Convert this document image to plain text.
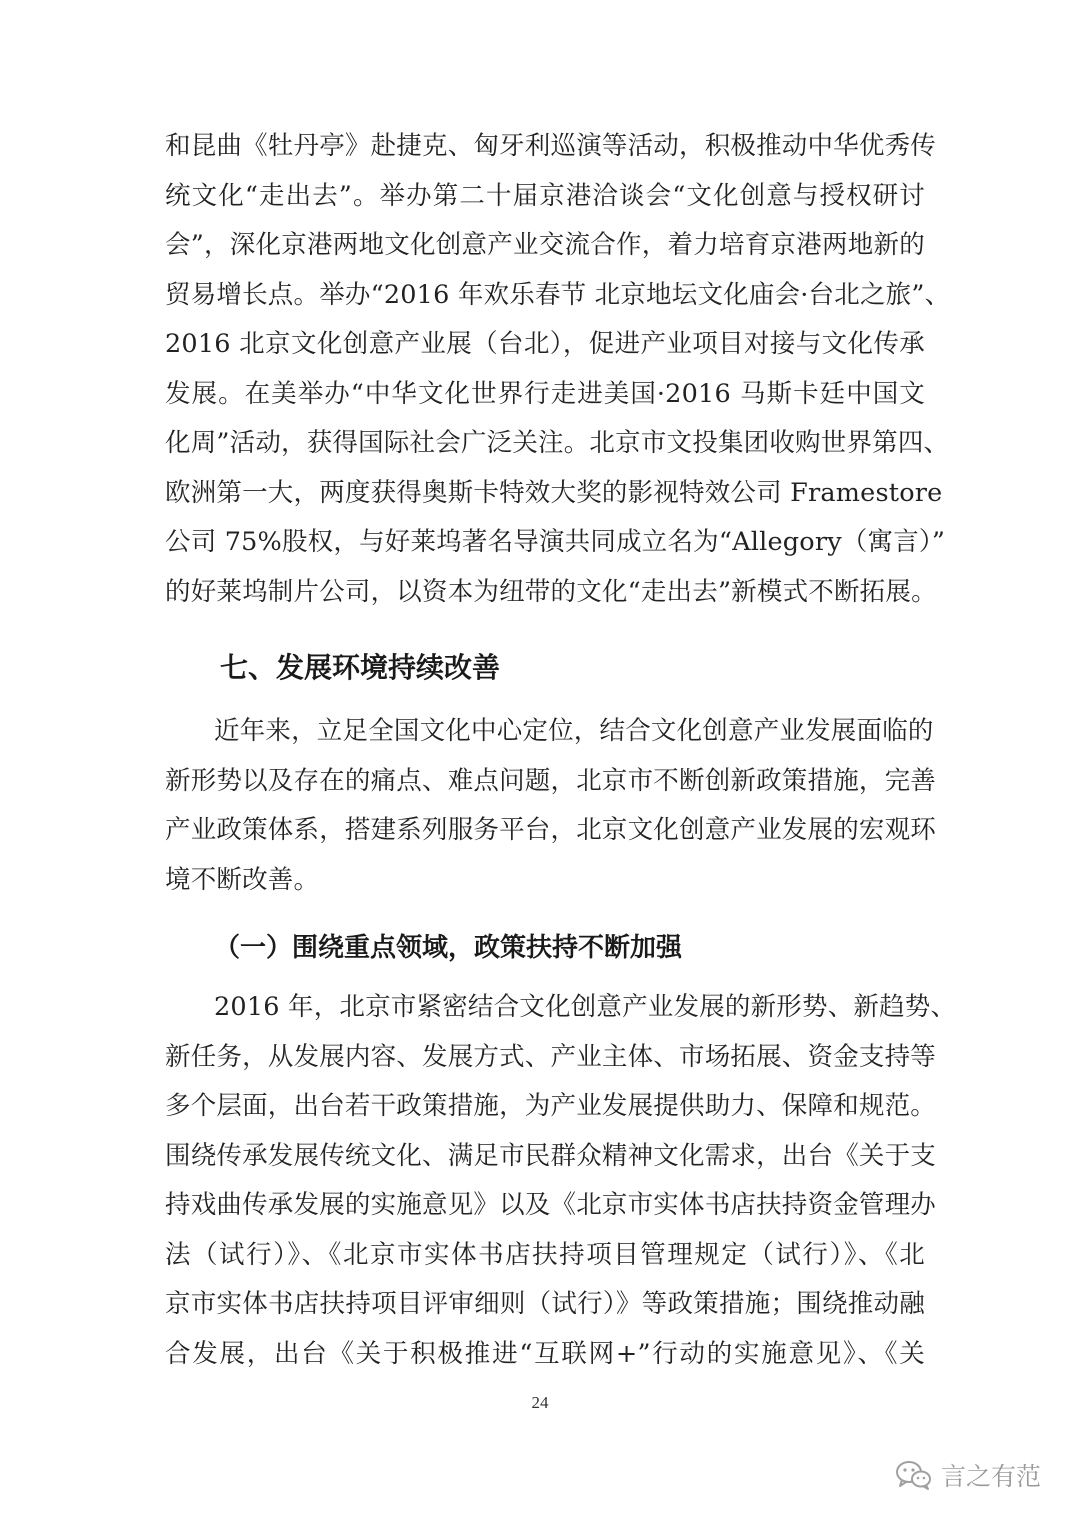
和昆曲《牡丹亭》赴捷克、匈牙利巡演等活动，积极推动中华优秀传
统文化“走出去”。举办第二十届京港洽谈会“文化创意与授权研讨
会”，深化京港两地文化创意产业交流合作，着力培育京港两地新的
贸易增长点。举办“2016 年欢乐春节 北京地坛文化庙会·台北之旅”、
2016 北京文化创意产业展（台北），促进产业项目对接与文化传承
发展。在美举办“中华文化世界行走进美国·2016 马斯卡廷中国文
化周”活动，获得国际社会广泛关注。北京市文投集团收购世界第四、
欧洲第一大，两度获得奥斯卡特效大奖的影视特效公司 Framestore
公司 75%股权，与好莱坞著名导演共同成立名为“Allegory（寓言）”
的好莱坞制片公司，以资本为纽带的文化“走出去”新模式不断拓展。
七、发展环境持续改善
近年来，立足全国文化中心定位，结合文化创意产业发展面临的
新形势以及存在的痛点、难点问题，北京市不断创新政策措施，完善
产业政策体系，搭建系列服务平台，北京文化创意产业发展的宏观环
境不断改善。
（一）围绕重点领域，政策扶持不断加强
2016 年，北京市紧密结合文化创意产业发展的新形势、新趋势、
新任务，从发展内容、发展方式、产业主体、市场拓展、资金支持等
多个层面，出台若干政策措施，为产业发展提供助力、保障和规范。
围绕传承发展传统文化、满足市民群众精神文化需求，出台《关于支
持戏曲传承发展的实施意见》以及《北京市实体书店扶持资金管理办
法（试行）》、《北京市实体书店扶持项目管理规定（试行）》、《北
京市实体书店扶持项目评审细则（试行）》等政策措施；围绕推动融
合发展，出台《关于积极推进“互联网+”行动的实施意见》、《关
24
言之有范
